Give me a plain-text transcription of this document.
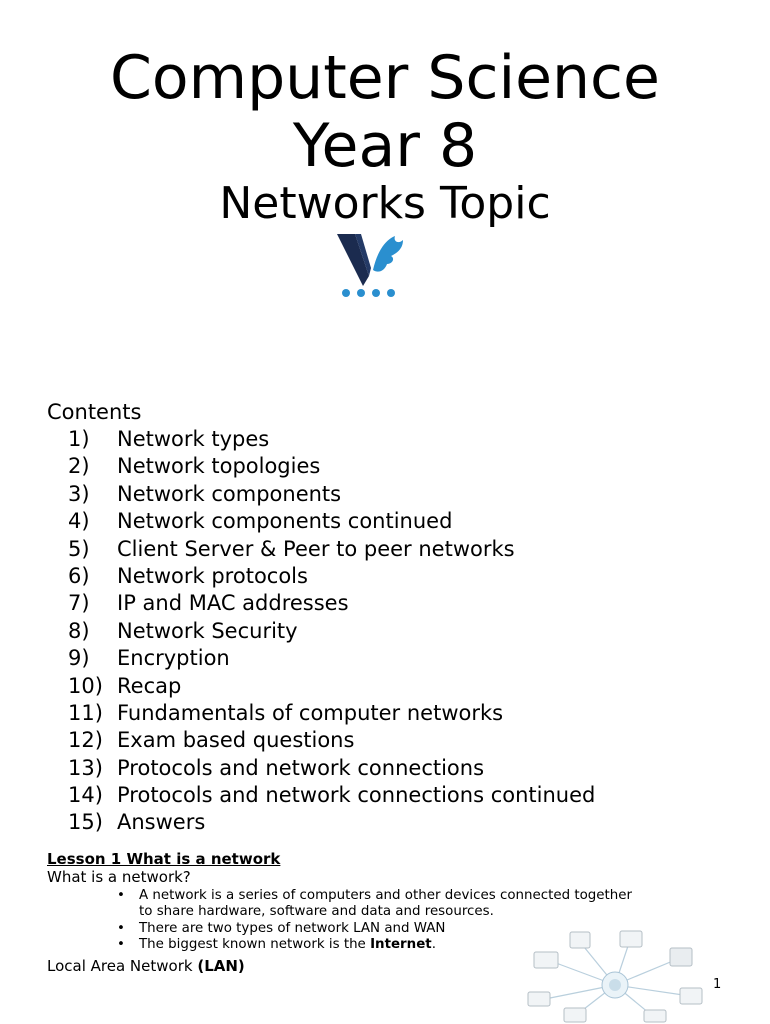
Computer Science
Year 8
Networks Topic
Contents
1) Network types
2) Network topologies
3) Network components
4) Network components continued
5) Client Server & Peer to peer networks
6) Network protocols
7) IP and MAC addresses
8) Network Security
9) Encryption
10) Recap
11) Fundamentals of computer networks
12) Exam based questions
13) Protocols and network connections
14) Protocols and network connections continued
15) Answers
Lesson 1 What is a network
What is a network?
• A network is a series of computers and other devices connected together
to share hardware, software and data and resources.
• There are two types of network LAN and WAN
• The biggest known network is the Internet.
Local Area Network (LAN)
1
